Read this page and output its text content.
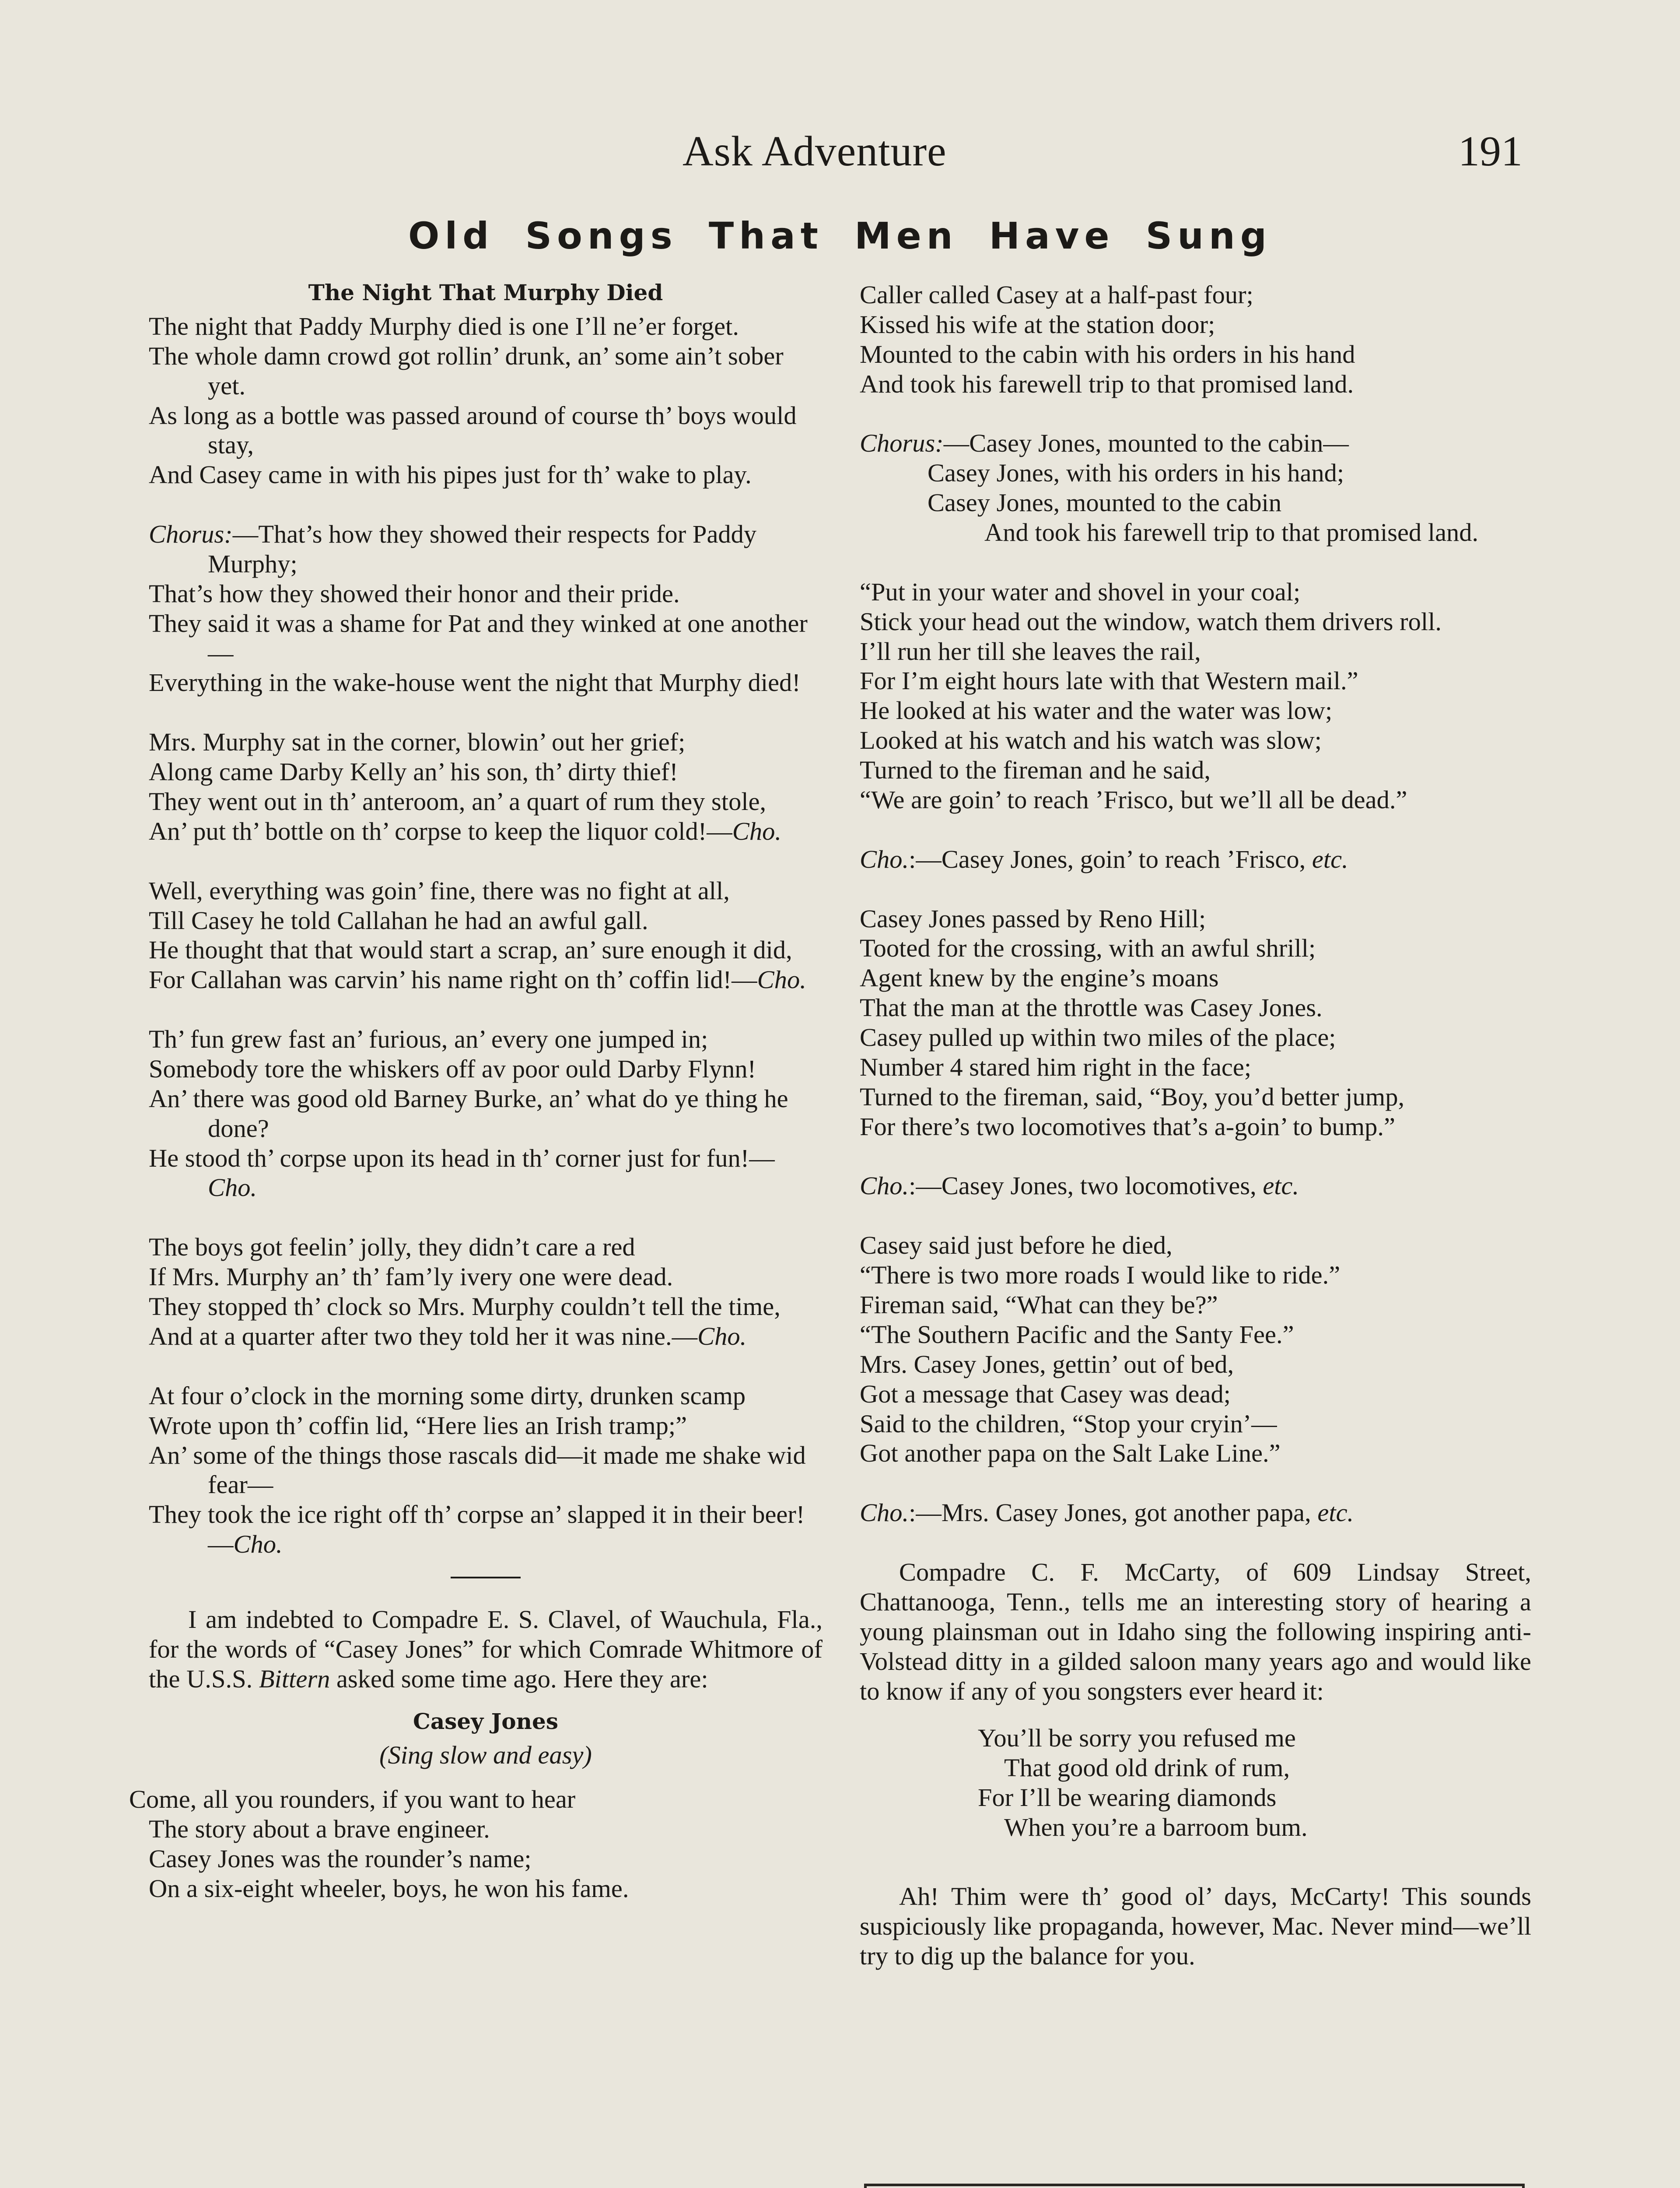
Ask Adventure	191
Old Songs That Men Have Sung
The Night That Murphy Died

The night that Paddy Murphy died is one I’ll ne’er forget.

The whole damn crowd got rollin’ drunk, an’ some ain’t sober yet.

As long as a bottle was passed around of course th’ boys would stay,

And Casey came in with his pipes just for th’ wake to play.

Chorus:—That’s how they showed their respects for Paddy Murphy;

That’s how they showed their honor and their pride.

They said it was a shame for Pat and they winked at one another—

Everything in the wake-house went the night that Murphy died!

Mrs. Murphy sat in the corner, blowin’ out her grief;

Along came Darby Kelly an’ his son, th’ dirty thief!

They went out in th’ anteroom, an’ a quart of rum they stole,

An’ put th’ bottle on th’ corpse to keep the liquor cold!—Cho.

Well, everything was goin’ fine, there was no fight at all,

Till Casey he told Callahan he had an awful gall.

He thought that that would start a scrap, an’ sure enough it did,

For Callahan was carvin’ his name right on th’ coffin lid!—Cho.

Th’ fun grew fast an’ furious, an’ every one jumped in;

Somebody tore the whiskers off av poor ould Darby Flynn!

An’ there was good old Barney Burke, an’ what do ye thing he done?

He stood th’ corpse upon its head in th’ corner just for fun!—Cho.

The boys got feelin’ jolly, they didn’t care a red

If Mrs. Murphy an’ th’ fam’ly ivery one were dead.

They stopped th’ clock so Mrs. Murphy couldn’t tell the time,

And at a quarter after two they told her it was nine.—Cho.

At four o’clock in the morning some dirty, drunken scamp

Wrote upon th’ coffin lid, “Here lies an Irish tramp;”

An’ some of the things those rascals did—it made me shake wid fear—

They took the ice right off th’ corpse an’ slapped it in their beer!—Cho.

I am indebted to Compadre E. S. Clavel, of Wauchula, Fla., for the words of “Casey Jones” for which Comrade Whitmore of the U.S.S. Bittern asked some time ago. Here they are:

Casey Jones
(Sing slow and easy)

Come, all you rounders, if you want to hear

The story about a brave engineer.

Casey Jones was the rounder’s name;

On a six-eight wheeler, boys, he won his fame.

Caller called Casey at a half-past four;

Kissed his wife at the station door;

Mounted to the cabin with his orders in his hand

And took his farewell trip to that promised land.

Chorus:—Casey Jones, mounted to the cabin—

Casey Jones, with his orders in his hand;

Casey Jones, mounted to the cabin

And took his farewell trip to that promised land.

“Put in your water and shovel in your coal;

Stick your head out the window, watch them drivers roll.

I’ll run her till she leaves the rail,

For I’m eight hours late with that Western mail.”

He looked at his water and the water was low;

Looked at his watch and his watch was slow;

Turned to the fireman and he said,

“We are goin’ to reach ’Frisco, but we’ll all be dead.”

Cho.:—Casey Jones, goin’ to reach ’Frisco, etc.

Casey Jones passed by Reno Hill;

Tooted for the crossing, with an awful shrill;

Agent knew by the engine’s moans

That the man at the throttle was Casey Jones.

Casey pulled up within two miles of the place;

Number 4 stared him right in the face;

Turned to the fireman, said, “Boy, you’d better jump,

For there’s two locomotives that’s a-goin’ to bump.”

Cho.:—Casey Jones, two locomotives, etc.

Casey said just before he died,

“There is two more roads I would like to ride.”

Fireman said, “What can they be?”

“The Southern Pacific and the Santy Fee.”

Mrs. Casey Jones, gettin’ out of bed,

Got a message that Casey was dead;

Said to the children, “Stop your cryin’—

Got another papa on the Salt Lake Line.”

Cho.:—Mrs. Casey Jones, got another papa, etc.

Compadre C. F. McCarty, of 609 Lindsay Street, Chattanooga, Tenn., tells me an interesting story of hearing a young plainsman out in Idaho sing the following inspiring anti-Volstead ditty in a gilded saloon many years ago and would like to know if any of you songsters ever heard it:

You’ll be sorry you refused me

That good old drink of rum,

For I’ll be wearing diamonds

When you’re a barroom bum.

Ah! Thim were th’ good ol’ days, McCarty! This sounds suspiciously like propaganda, however, Mac. Never mind—we’ll try to dig up the balance for you.
